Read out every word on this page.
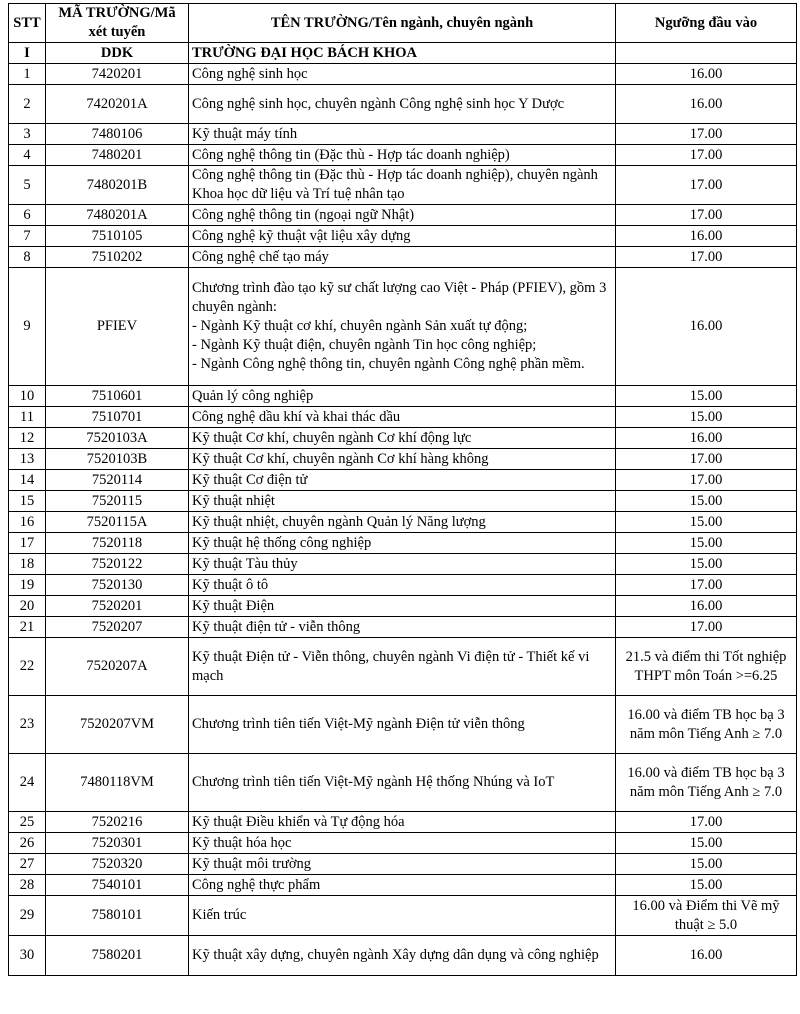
STT	MÃ TRƯỜNG/Mã xét tuyển	TÊN TRƯỜNG/Tên ngành, chuyên ngành	Ngưỡng đầu vào
I	DDK	TRƯỜNG ĐẠI HỌC BÁCH KHOA	
1	7420201	Công nghệ sinh học	16.00
2	7420201A	Công nghệ sinh học, chuyên ngành Công nghệ sinh học Y Dược	16.00
3	7480106	Kỹ thuật máy tính	17.00
4	7480201	Công nghệ thông tin (Đặc thù - Hợp tác doanh nghiệp)	17.00
5	7480201B	Công nghệ thông tin (Đặc thù - Hợp tác doanh nghiệp), chuyên ngành Khoa học dữ liệu và Trí tuệ nhân tạo	17.00
6	7480201A	Công nghệ thông tin (ngoại ngữ Nhật)	17.00
7	7510105	Công nghệ kỹ thuật vật liệu xây dựng	16.00
8	7510202	Công nghệ chế tạo máy	17.00
9	PFIEV	Chương trình đào tạo kỹ sư chất lượng cao Việt - Pháp (PFIEV), gồm 3 chuyên ngành:
- Ngành Kỹ thuật cơ khí, chuyên ngành Sản xuất tự động;
- Ngành Kỹ thuật điện, chuyên ngành Tin học công nghiệp;
- Ngành Công nghệ thông tin, chuyên ngành Công nghệ phần mềm.	16.00
10	7510601	Quản lý công nghiệp	15.00
11	7510701	Công nghệ dầu khí và khai thác dầu	15.00
12	7520103A	Kỹ thuật Cơ khí, chuyên ngành Cơ khí động lực	16.00
13	7520103B	Kỹ thuật Cơ khí, chuyên ngành Cơ khí hàng không	17.00
14	7520114	Kỹ thuật Cơ điện tử	17.00
15	7520115	Kỹ thuật nhiệt	15.00
16	7520115A	Kỹ thuật nhiệt, chuyên ngành Quản lý Năng lượng	15.00
17	7520118	Kỹ thuật hệ thống công nghiệp	15.00
18	7520122	Kỹ thuật Tàu thủy	15.00
19	7520130	Kỹ thuật ô tô	17.00
20	7520201	Kỹ thuật Điện	16.00
21	7520207	Kỹ thuật điện tử - viễn thông	17.00
22	7520207A	Kỹ thuật Điện tử - Viễn thông, chuyên ngành Vi điện tử - Thiết kế vi mạch	21.5 và điểm thi Tốt nghiệp THPT môn Toán >=6.25
23	7520207VM	Chương trình tiên tiến Việt-Mỹ ngành Điện tử viễn thông	16.00 và điểm TB học bạ 3 năm môn Tiếng Anh ≥ 7.0
24	7480118VM	Chương trình tiên tiến Việt-Mỹ ngành Hệ thống Nhúng và IoT	16.00 và điểm TB học bạ 3 năm môn Tiếng Anh ≥ 7.0
25	7520216	Kỹ thuật Điều khiển và Tự động hóa	17.00
26	7520301	Kỹ thuật hóa học	15.00
27	7520320	Kỹ thuật môi trường	15.00
28	7540101	Công nghệ thực phẩm	15.00
29	7580101	Kiến trúc	16.00 và Điểm thi Vẽ mỹ thuật ≥ 5.0
30	7580201	Kỹ thuật xây dựng, chuyên ngành Xây dựng dân dụng và công nghiệp	16.00
